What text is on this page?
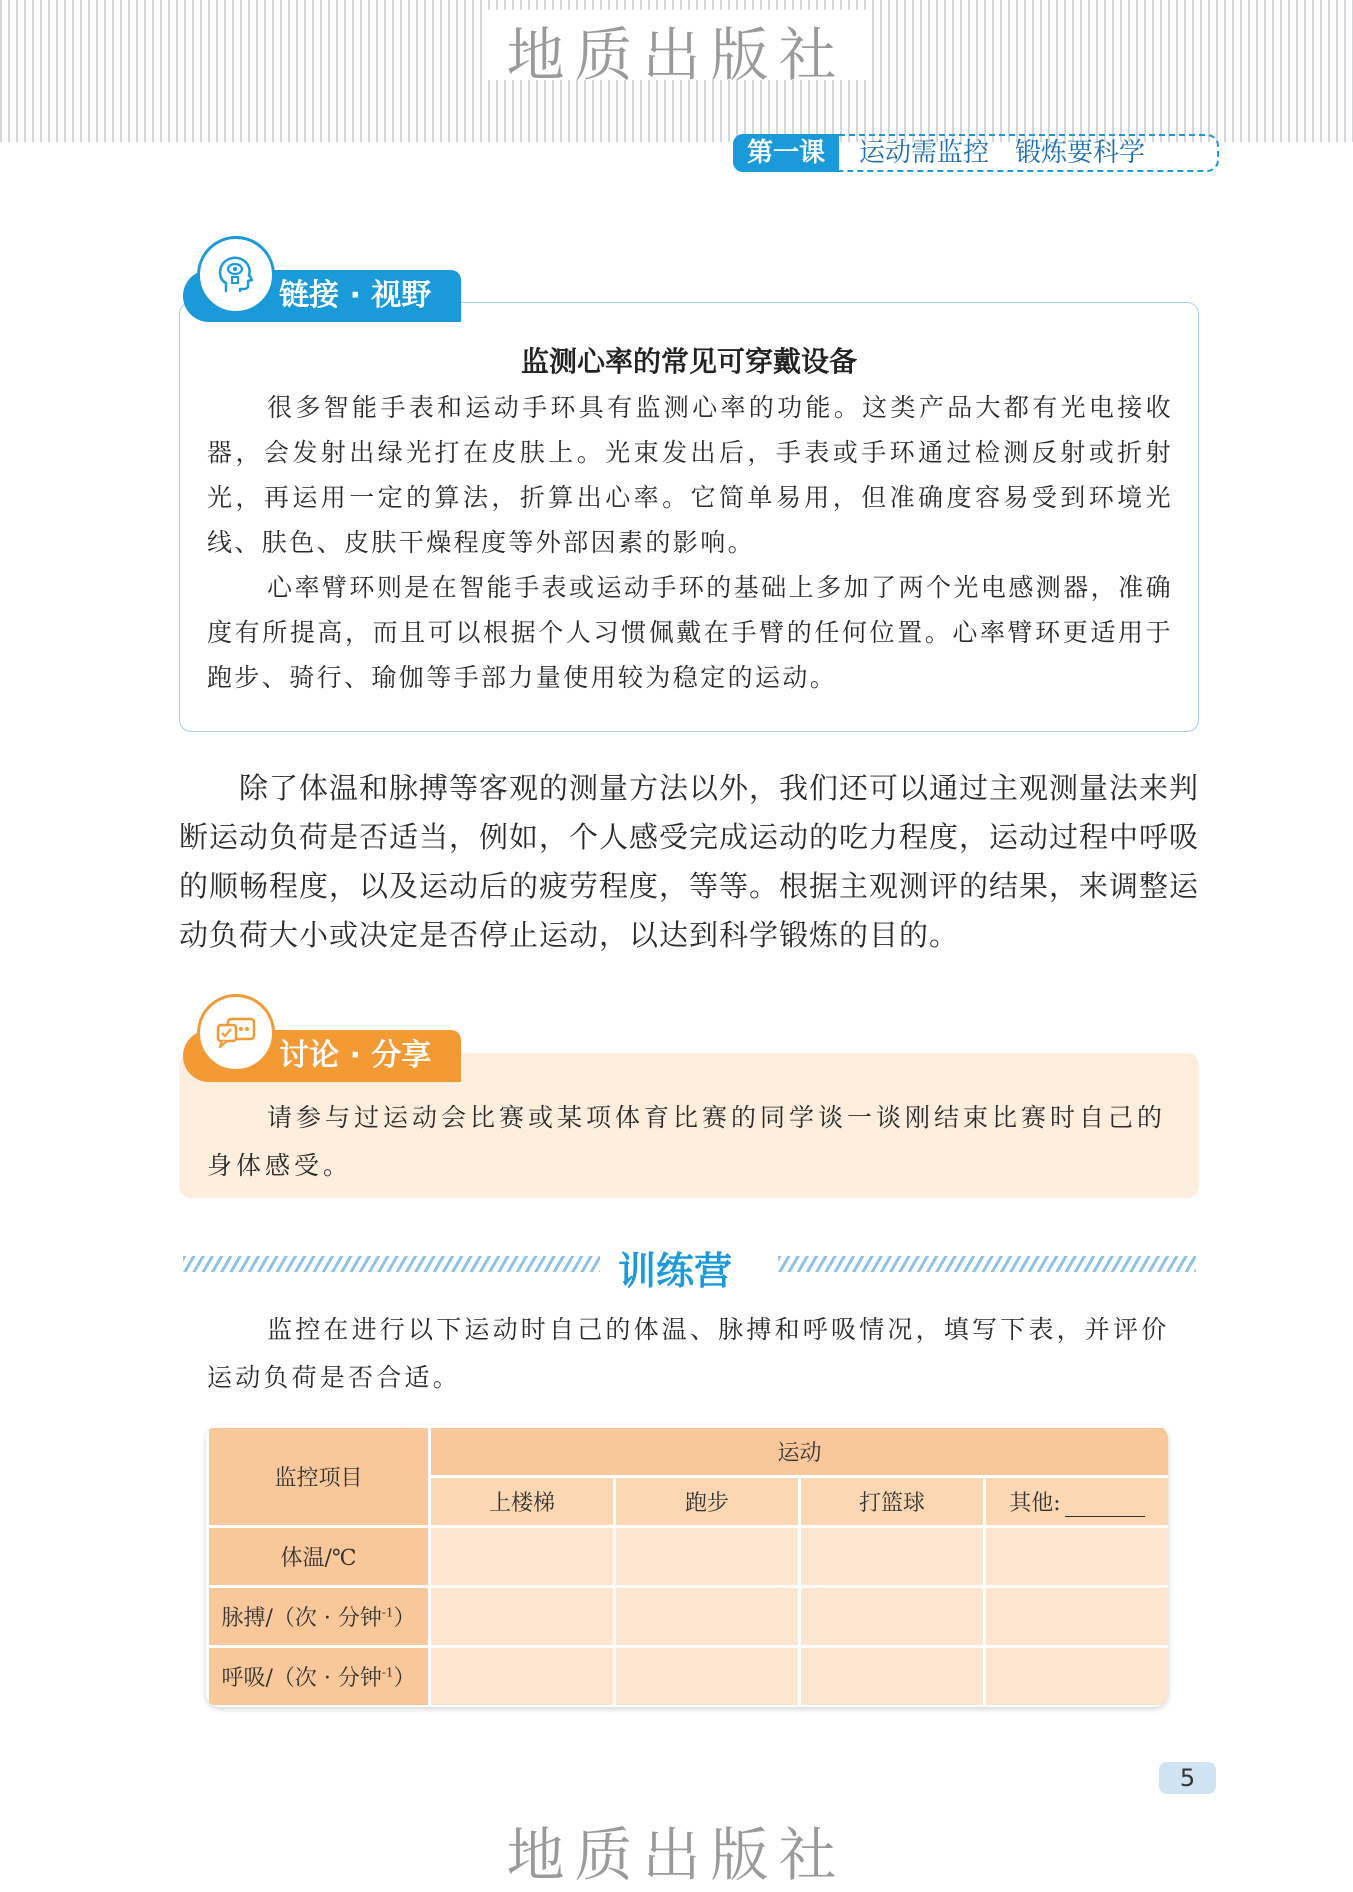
地质出版社
第一课	运动需监控　锻炼要科学
链接 · 视野
监测心率的常见可穿戴设备

很多智能手表和运动手环具有监测心率的功能。这类产品大都有光电接收器，会发射出绿光打在皮肤上。光束发出后，手表或手环通过检测反射或折射光，再运用一定的算法，折算出心率。它简单易用，但准确度容易受到环境光线、肤色、皮肤干燥程度等外部因素的影响。

心率臂环则是在智能手表或运动手环的基础上多加了两个光电感测器，准确度有所提高，而且可以根据个人习惯佩戴在手臂的任何位置。心率臂环更适用于跑步、骑行、瑜伽等手部力量使用较为稳定的运动。

除了体温和脉搏等客观的测量方法以外，我们还可以通过主观测量法来判断运动负荷是否适当，例如，个人感受完成运动的吃力程度，运动过程中呼吸的顺畅程度，以及运动后的疲劳程度，等等。根据主观测评的结果，来调整运动负荷大小或决定是否停止运动，以达到科学锻炼的目的。

讨论 · 分享

请参与过运动会比赛或某项体育比赛的同学谈一谈刚结束比赛时自己的身体感受。

训练营

监控在进行以下运动时自己的体温、脉搏和呼吸情况，填写下表，并评价运动负荷是否合适。

监控项目	运动			
	上楼梯	跑步	打篮球	其他:
体温/℃				
脉搏/（次 · 分钟$^{-1}$）				
呼吸/（次 · 分钟$^{-1}$）				
5
地质出版社
